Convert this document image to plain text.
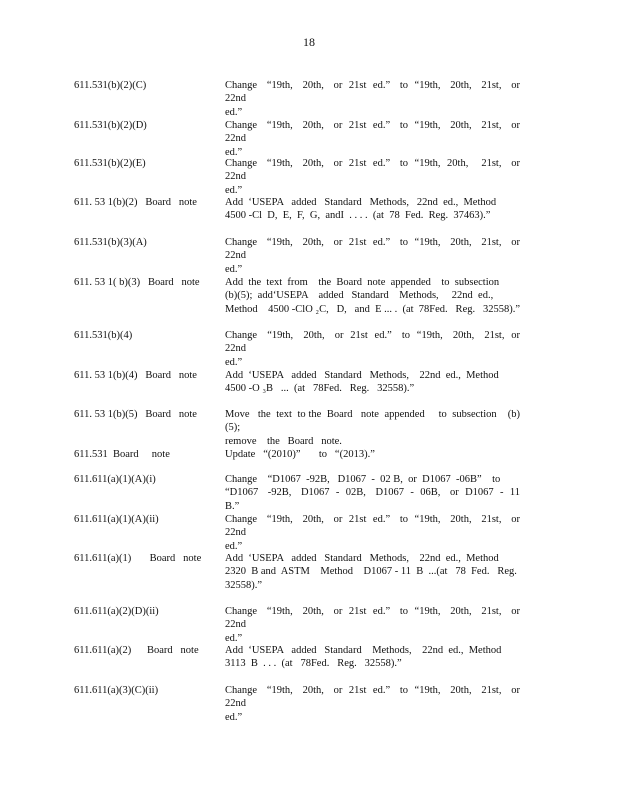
18
611.531(b)(2)(C)	Change   “19th,   20th,   or  21st  ed.”   to  “19th,   20th,   21st,   or  22nd
ed.”
611.531(b)(2)(D)	Change   “19th,   20th,   or  21st  ed.”   to  “19th,   20th,   21st,   or  22nd
ed.”
611.531(b)(2)(E)	Change   “19th,   20th,   or  21st  ed.”   to  “19th,  20th,    21st,   or  22nd
ed.”
611. 53 1(b)(2)   Board   note	Add  ‘USEPA   added   Standard   Methods,   22nd  ed.,  Method
4500 -Cl  D,  E,  F,  G,  andI  . . . .  (at  78  Fed.  Reg.  37463).”
611.531(b)(3)(A)	Change   “19th,   20th,   or  21st  ed.”   to  “19th,   20th,   21st,   or  22nd
ed.”
611. 53 1( b)(3)   Board   note	Add  the  text  from    the  Board  note  appended    to  subsection
(b)(5);  add‘USEPA    added   Standard    Methods,     22nd  ed.,
Method    4500 -ClO ₂C,   D,   and  E ... .  (at  78Fed.   Reg.   32558).”
611.531(b)(4)	Change   “19th,   20th,   or  21st  ed.”   to  “19th,   20th,   21st,  or   22nd
ed.”
611. 53 1(b)(4)   Board   note	Add  ‘USEPA   added   Standard   Methods,    22nd  ed.,  Method
4500 -O ₃B   ...  (at   78Fed.   Reg.   32558).”
611. 53 1(b)(5)   Board   note	Move   the  text  to the  Board   note  appended     to  subsection    (b)(5);
remove    the   Board   note.
611.531  Board     note	Update   “(2010)”       to   “(2013).”
611.611(a)(1)(A)(i)	Change    “D1067  -92B,   D1067  -  02 B,  or  D1067  -06B”    to
“D1067   -92B,   D1067  -  02B,   D1067  -  06B,   or  D1067  -  11  B.”
611.611(a)(1)(A)(ii)	Change   “19th,   20th,   or  21st  ed.”   to  “19th,   20th,   21st,   or  22nd
ed.”
611.611(a)(1)       Board   note	Add  ‘USEPA   added   Standard   Methods,    22nd  ed.,  Method
2320  B and  ASTM    Method    D1067 - 11  B  ...(at   78  Fed.   Reg.
32558).”
611.611(a)(2)(D)(ii)	Change   “19th,   20th,   or  21st  ed.”   to  “19th,   20th,   21st,   or  22nd
ed.”
611.611(a)(2)      Board   note	Add  ‘USEPA   added   Standard    Methods,    22nd  ed.,  Method
3113  B  . . .  (at   78Fed.   Reg.   32558).”
611.611(a)(3)(C)(ii)	Change   “19th,   20th,   or  21st  ed.”   to  “19th,   20th,   21st,   or  22nd
ed.”
